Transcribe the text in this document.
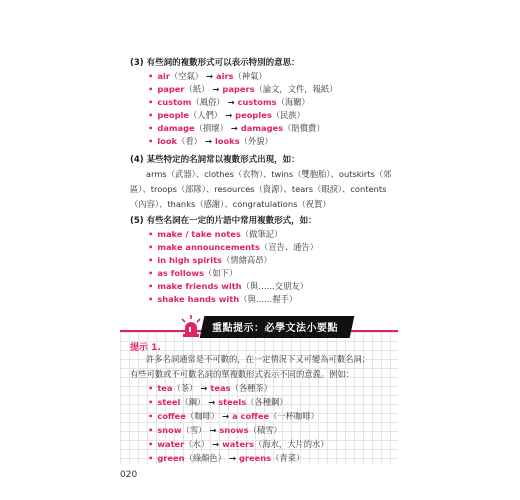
(3) 有些詞的複數形式可以表示特別的意思：
• air（空氣） → airs（神氣）
• paper（紙） → papers（論文，文件，報紙）
• custom（風俗） → customs（海關）
• people（人們） → peoples（民族）
• damage（損壞） → damages（賠償費）
• look（看） → looks（外貌）
(4) 某些特定的名詞常以複數形式出現，如：
arms（武器）、clothes（衣物）、twins（雙胞胎）、outskirts（郊
區）、troops（部隊）、resources（資源）、tears（眼淚）、contents
（內容）、thanks（感謝）、congratulations（祝賀）
(5) 有些名詞在一定的片語中常用複數形式，如：
• make / take notes（做筆記）
• make announcements（宣告、通告）
• in high spirits（情緒高昂）
• as follows（如下）
• make friends with（與……交朋友）
• shake hands with（與……握手）
重點提示：必學文法小要點
提示 1.
許多名詞通常是不可數的，在一定情況下又可變為可數名詞；
有些可數或不可數名詞的單複數形式表示不同的意義。例如：
• tea（茶） → teas（各種茶）
• steel（鋼） → steels（各種鋼）
• coffee（咖啡） → a coffee（一杯咖啡）
• snow（雪） → snows（積雪）
• water（水） → waters（海水，大片的水）
• green（綠顏色） → greens（青菜）
020
